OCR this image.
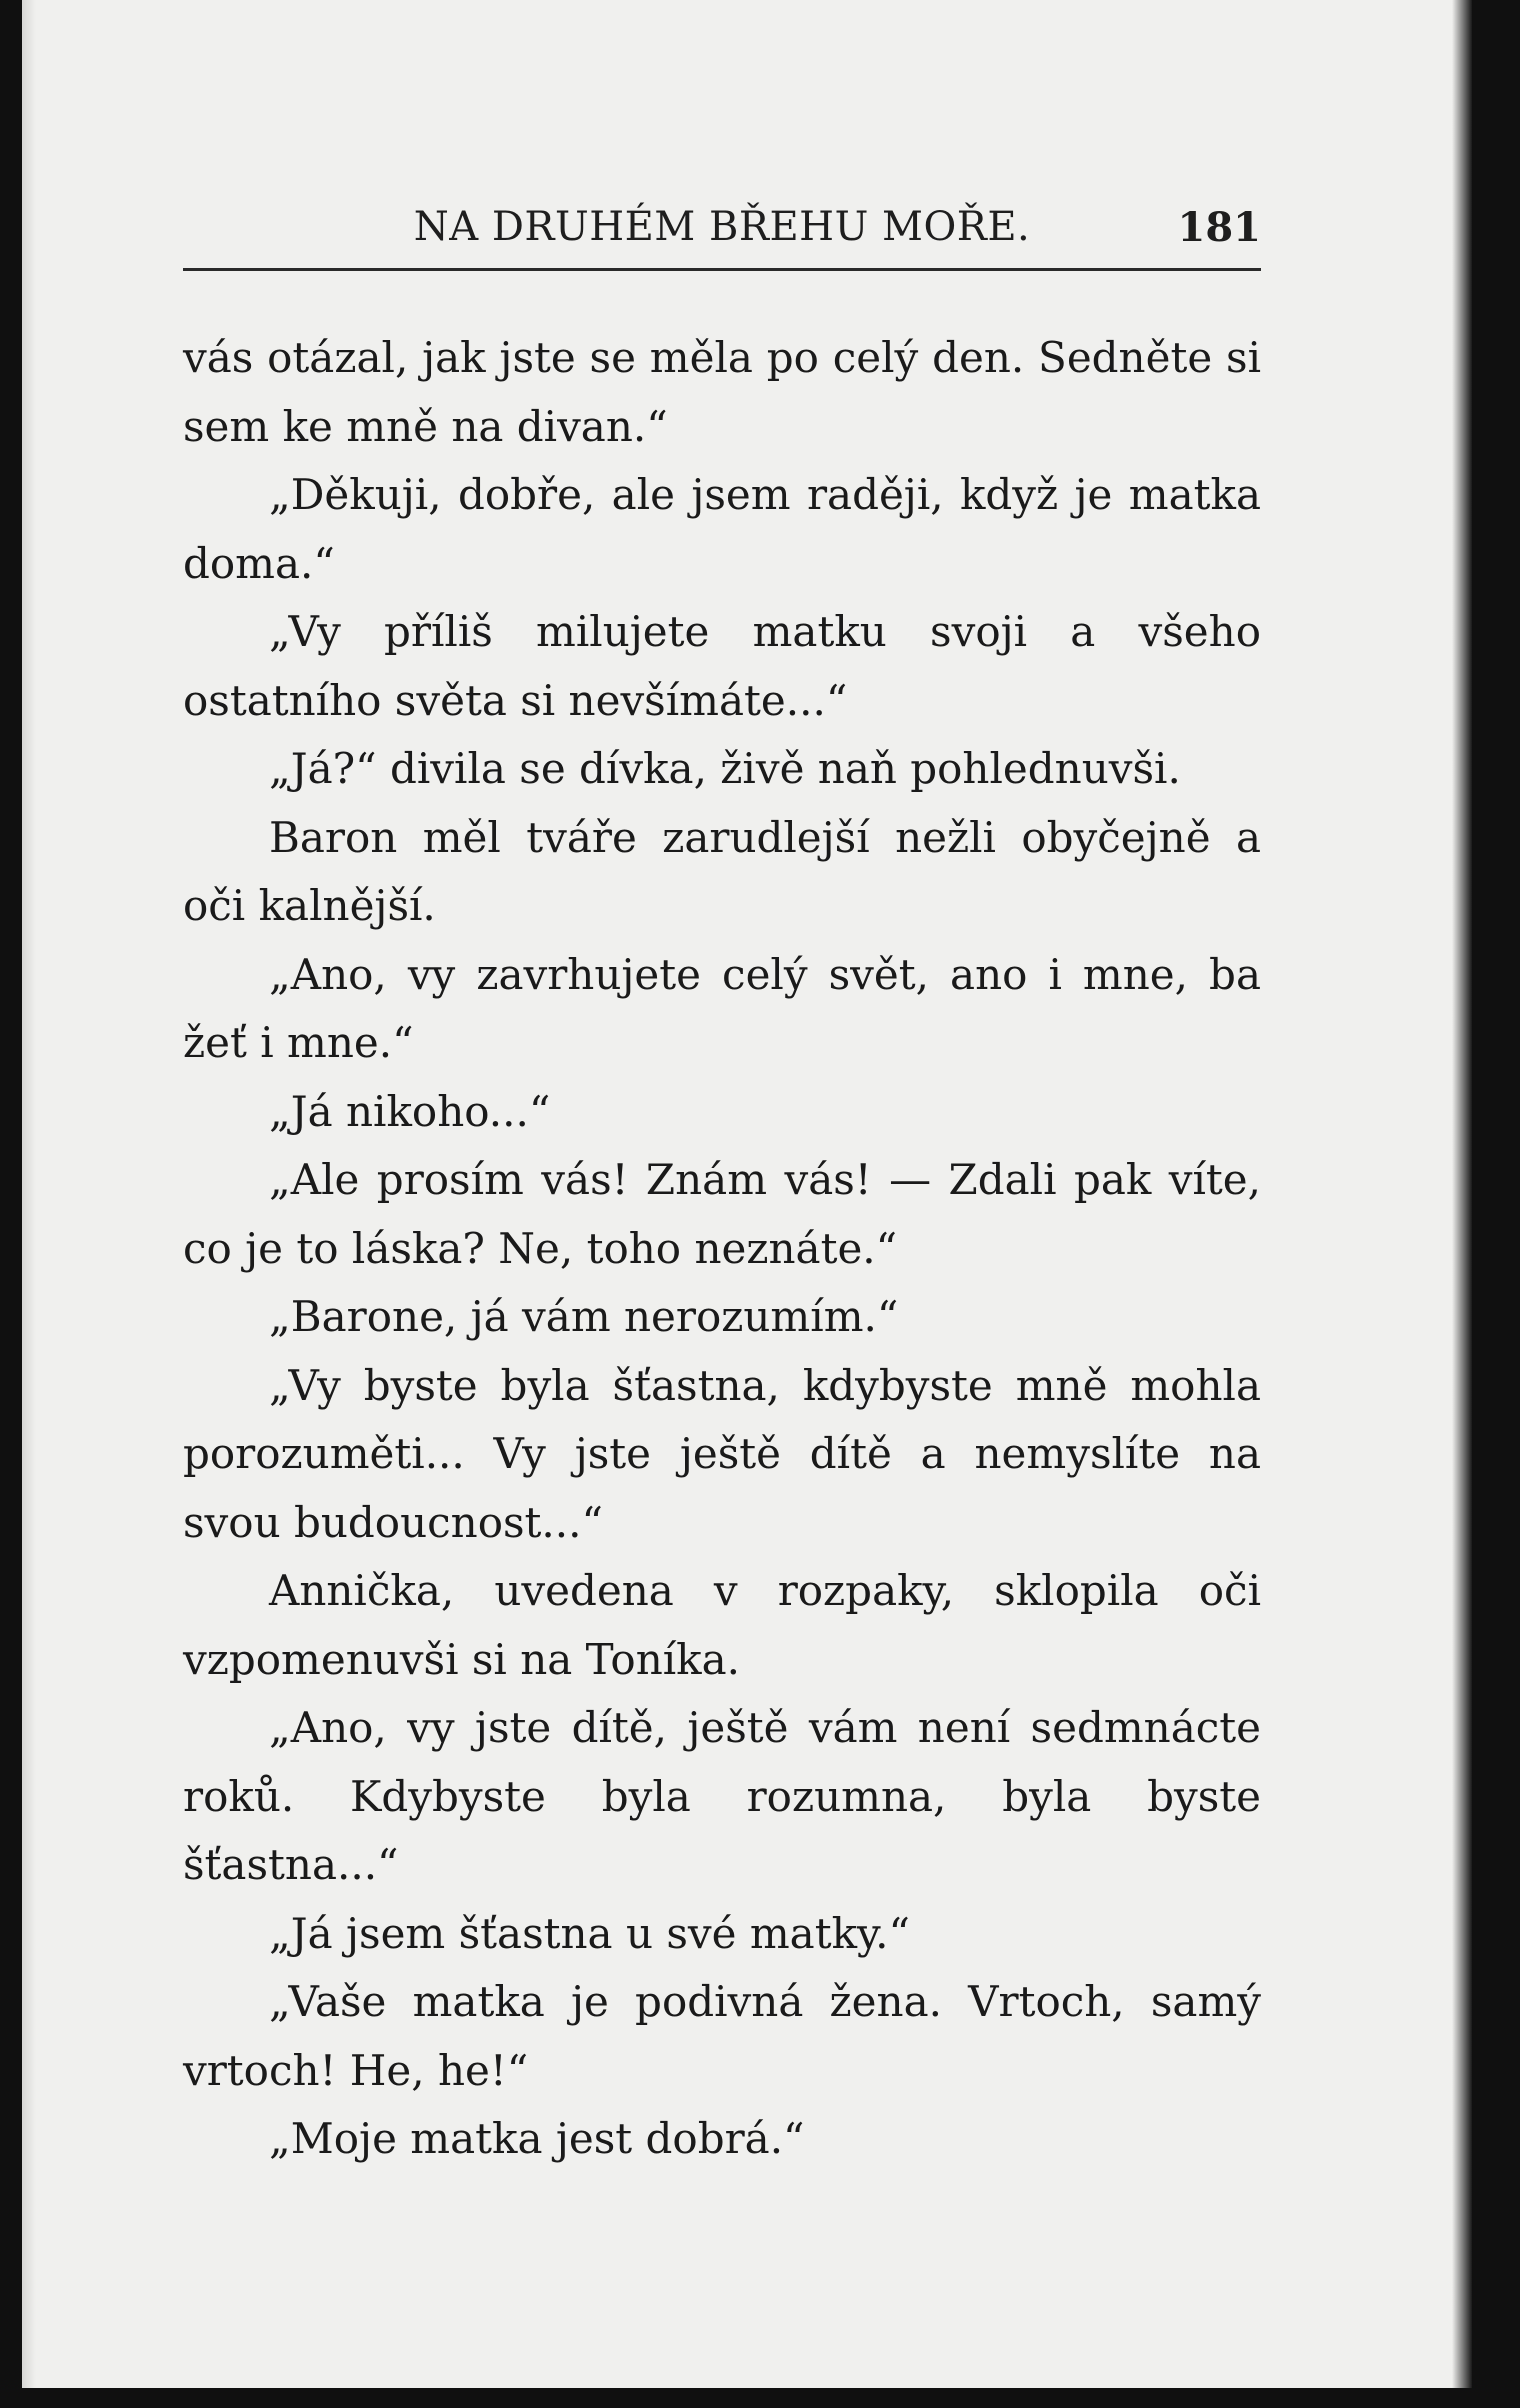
NA DRUHÉM BŘEHU MOŘE.	181

vás otázal, jak jste se měla po celý den. Sedněte si sem ke mně na divan.“

„Děkuji, dobře, ale jsem raději, když je matka doma.“

„Vy příliš milujete matku svoji a všeho ostatního světa si nevšímáte...“

„Já?“ divila se dívka, živě naň pohlednuvši.

Baron měl tváře zarudlejší nežli obyčejně a oči kalnější.

„Ano, vy zavrhujete celý svět, ano i mne, ba žeť i mne.“

„Já nikoho...“

„Ale prosím vás! Znám vás! — Zdali pak víte, co je to láska? Ne, toho neznáte.“

„Barone, já vám nerozumím.“

„Vy byste byla šťastna, kdybyste mně mohla porozuměti... Vy jste ještě dítě a nemyslíte na svou budoucnost...“

Annička, uvedena v rozpaky, sklopila oči vzpomenuvši si na Toníka.

„Ano, vy jste dítě, ještě vám není sedmnácte roků. Kdybyste byla rozumna, byla byste šťastna...“

„Já jsem šťastna u své matky.“

„Vaše matka je podivná žena. Vrtoch, samý vrtoch! He, he!“

„Moje matka jest dobrá.“
